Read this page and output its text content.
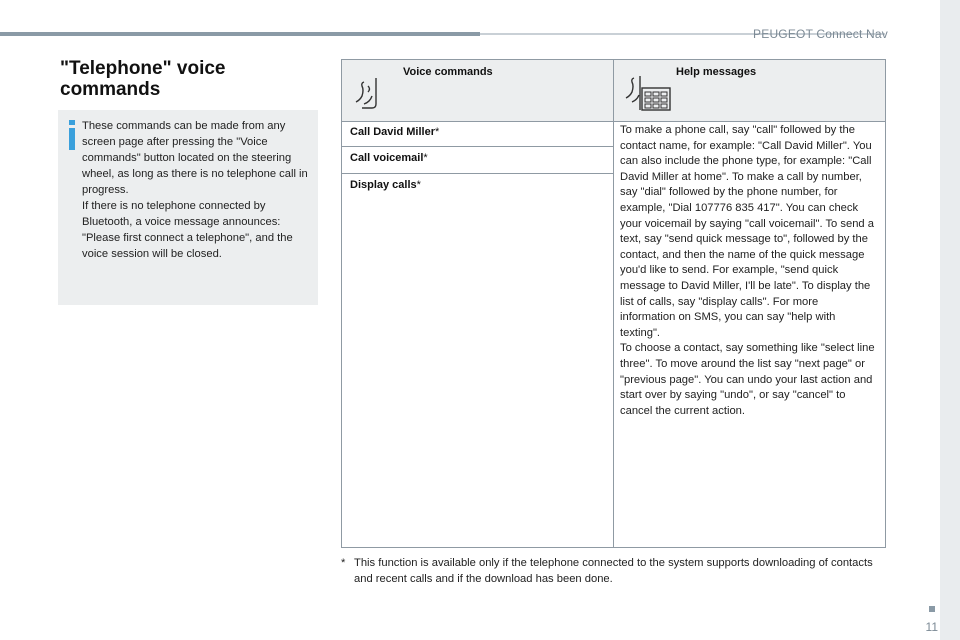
PEUGEOT Connect Nav
11
"Telephone" voice commands

These commands can be made from any screen page after pressing the "Voice commands" button located on the steering wheel, as long as there is no telephone call in progress.

If there is no telephone connected by Bluetooth, a voice message announces: "Please first connect a telephone", and the voice session will be closed.

Voice commands	Help messages
Call David Miller*
Call voicemail*
Display calls*
To make a phone call, say "call" followed by the contact name, for example: "Call David Miller". You can also include the phone type, for example: "Call David Miller at home". To make a call by number, say "dial" followed by the phone number, for example, "Dial 107776 835 417". You can check your voicemail by saying "call voicemail". To send a text, say "send quick message to", followed by the contact, and then the name of the quick message you'd like to send. For example, "send quick message to David Miller, I'll be late". To display the list of calls, say "display calls". For more information on SMS, you can say "help with texting".
To choose a contact, say something like "select line three". To move around the list say "next page" or "previous page". You can undo your last action and start over by saying "undo", or say "cancel" to cancel the current action.
* This function is available only if the telephone connected to the system supports downloading of contacts and recent calls and if the download has been done.
